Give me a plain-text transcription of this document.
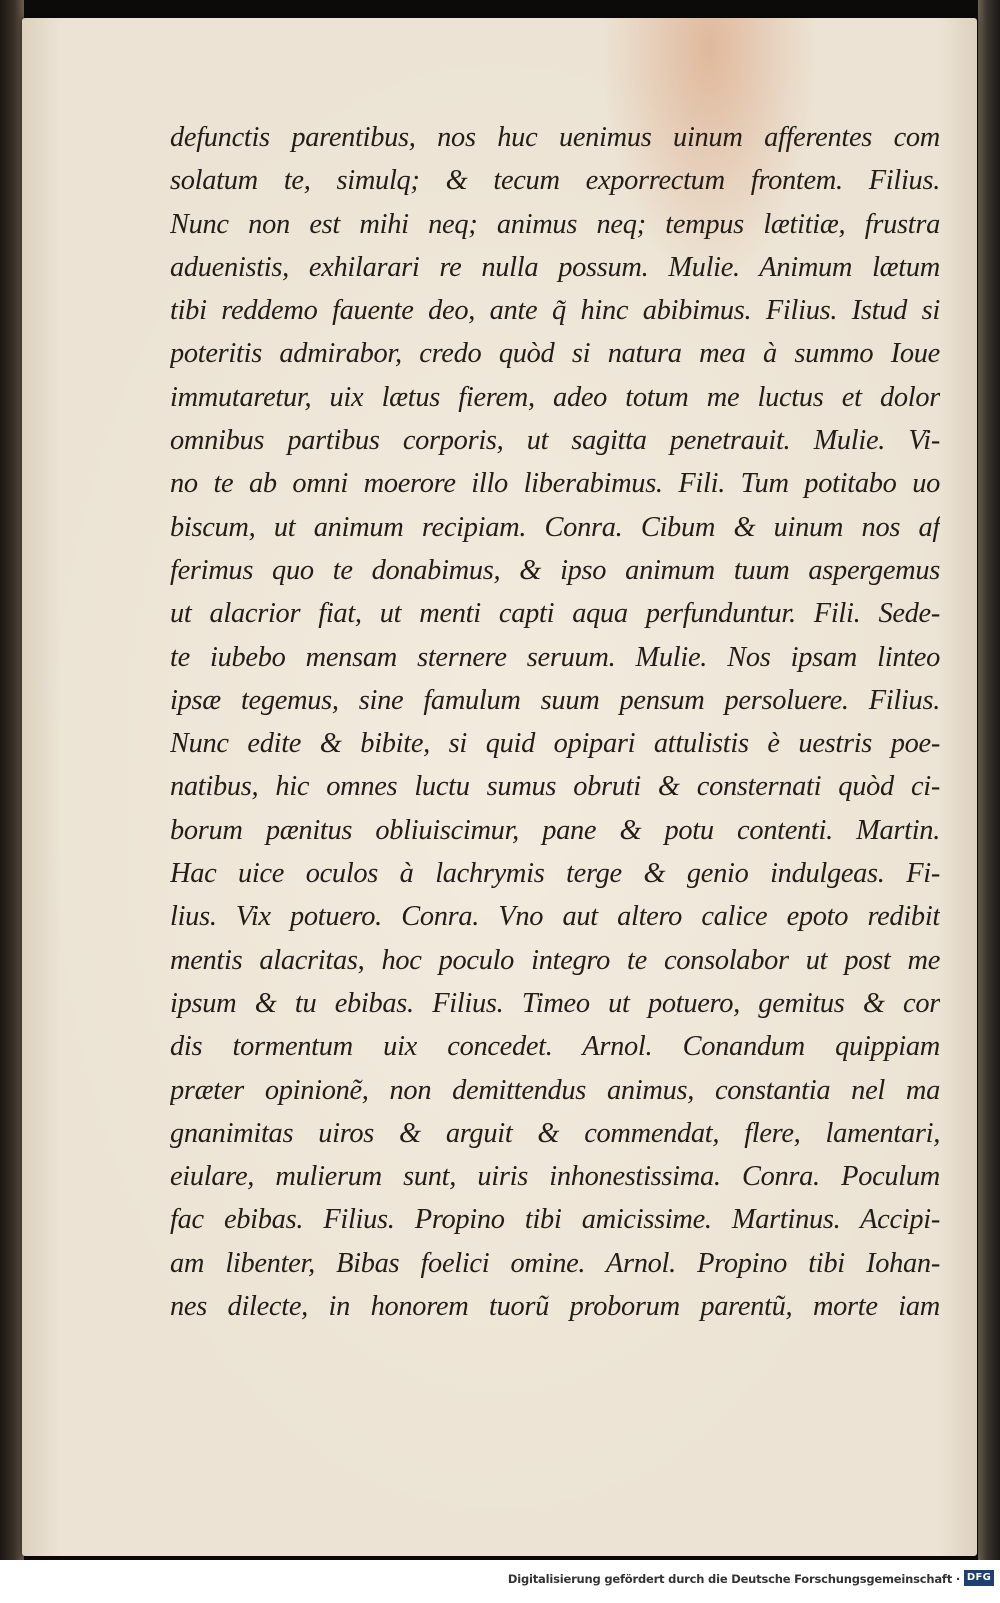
defunctis parentibus, nos huc uenimus uinum afferentes com
solatum te, simulq; & tecum exporrectum frontem. Filius.
Nunc non est mihi neq; animus neq; tempus lætitiæ, frustra
aduenistis, exhilarari re nulla possum. Mulie. Animum lætum
tibi reddemo fauente deo, ante q̃ hinc abibimus. Filius. Istud si
poteritis admirabor, credo quòd si natura mea à summo Ioue
immutaretur, uix lætus fierem, adeo totum me luctus et dolor
omnibus partibus corporis, ut sagitta penetrauit. Mulie. Vi-
no te ab omni moerore illo liberabimus. Fili. Tum potitabo uo
biscum, ut animum recipiam. Conra. Cibum & uinum nos af
ferimus quo te donabimus, & ipso animum tuum aspergemus
ut alacrior fiat, ut menti capti aqua perfunduntur. Fili. Sede-
te iubebo mensam sternere seruum. Mulie. Nos ipsam linteo
ipsæ tegemus, sine famulum suum pensum persoluere. Filius.
Nunc edite & bibite, si quid opipari attulistis è uestris poe-
natibus, hic omnes luctu sumus obruti & consternati quòd ci-
borum pænitus obliuiscimur, pane & potu contenti. Martin.
Hac uice oculos à lachrymis terge & genio indulgeas. Fi-
lius. Vix potuero. Conra. Vno aut altero calice epoto redibit
mentis alacritas, hoc poculo integro te consolabor ut post me
ipsum & tu ebibas. Filius. Timeo ut potuero, gemitus & cor
dis tormentum uix concedet. Arnol. Conandum quippiam
præter opinionẽ, non demittendus animus, constantia nel ma
gnanimitas uiros & arguit & commendat, flere, lamentari,
eiulare, mulierum sunt, uiris inhonestissima. Conra. Poculum
fac ebibas. Filius. Propino tibi amicissime. Martinus. Accipi-
am libenter, Bibas foelici omine. Arnol. Propino tibi Iohan-
nes dilecte, in honorem tuorũ proborum parentũ, morte iam
Digitalisierung gefördert durch die Deutsche Forschungsgemeinschaft · DFG
